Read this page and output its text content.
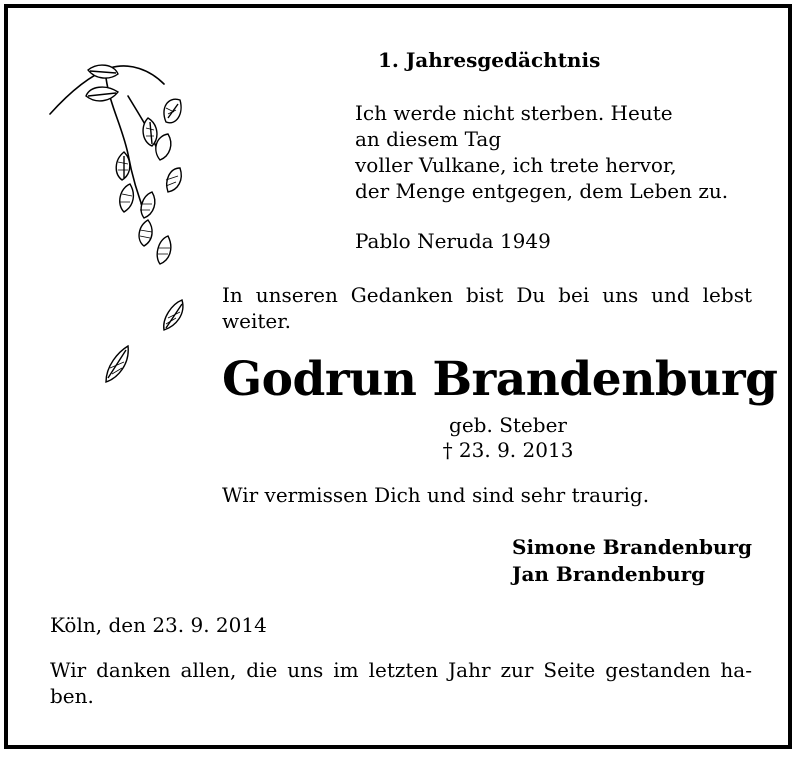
1. Jahresgedächtnis

Ich werde nicht sterben. Heute
an diesem Tag
voller Vulkane, ich trete hervor,
der Menge entgegen, dem Leben zu.

Pablo Neruda 1949

In unseren Gedanken bist Du bei uns und lebst
weiter.

Godrun Brandenburg

geb. Steber

† 23. 9. 2013

Wir vermissen Dich und sind sehr traurig.

Simone Brandenburg
Jan Brandenburg

Köln, den 23. 9. 2014

Wir danken allen, die uns im letzten Jahr zur Seite gestanden ha-
ben.
